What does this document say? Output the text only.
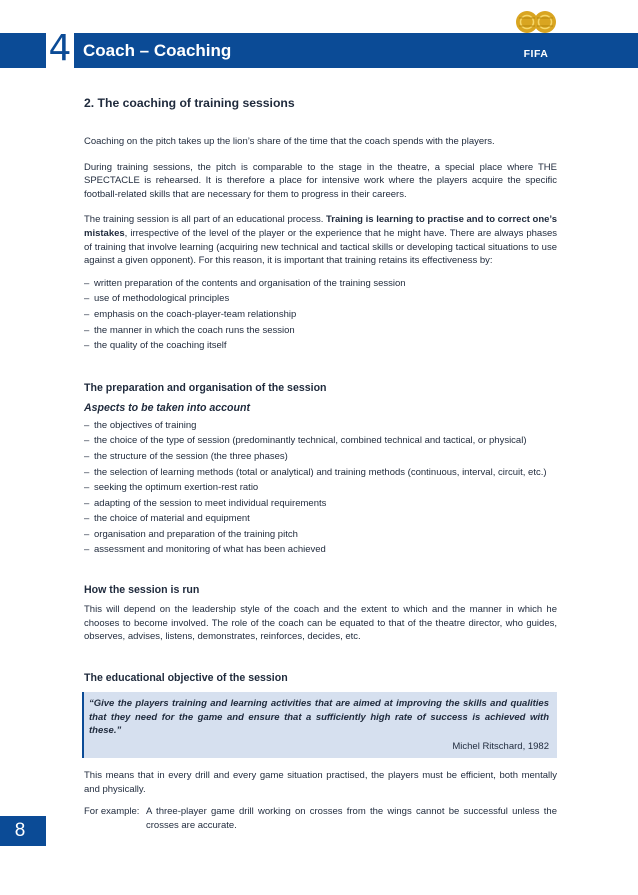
4 Coach – Coaching	FIFA
2. The coaching of training sessions

Coaching on the pitch takes up the lion’s share of the time that the coach spends with the players.

During training sessions, the pitch is comparable to the stage in the theatre, a special place where THE SPECTACLE is rehearsed. It is therefore a place for intensive work where the players acquire the specific football-related skills that are necessary for them to progress in their careers.

The training session is all part of an educational process. Training is learning to practise and to correct one’s mistakes, irrespective of the level of the player or the experience that he might have. There are always phases of training that involve learning (acquiring new technical and tactical skills or developing tactical situations to use against a given opponent). For this reason, it is important that training retains its effectiveness by:

– written preparation of the contents and organisation of the training session
– use of methodological principles
– emphasis on the coach-player-team relationship
– the manner in which the coach runs the session
– the quality of the coaching itself
The preparation and organisation of the session
Aspects to be taken into account
– the objectives of training
– the choice of the type of session (predominantly technical, combined technical and tactical, or physical)
– the structure of the session (the three phases)
– the selection of learning methods (total or analytical) and training methods (continuous, interval, circuit, etc.)
– seeking the optimum exertion-rest ratio
– adapting of the session to meet individual requirements
– the choice of material and equipment
– organisation and preparation of the training pitch
– assessment and monitoring of what has been achieved
How the session is run

This will depend on the leadership style of the coach and the extent to which and the manner in which he chooses to become involved. The role of the coach can be equated to that of the theatre director, who guides, observes, advises, listens, demonstrates, reinforces, decides, etc.

The educational objective of the session

“Give the players training and learning activities that are aimed at improving the skills and qualities that they need for the game and ensure that a sufficiently high rate of success is achieved with these.”

Michel Ritschard, 1982

This means that in every drill and every game situation practised, the players must be efficient, both mentally and physically.

For example: A three-player game drill working on crosses from the wings cannot be successful unless the crosses are accurate.
8
